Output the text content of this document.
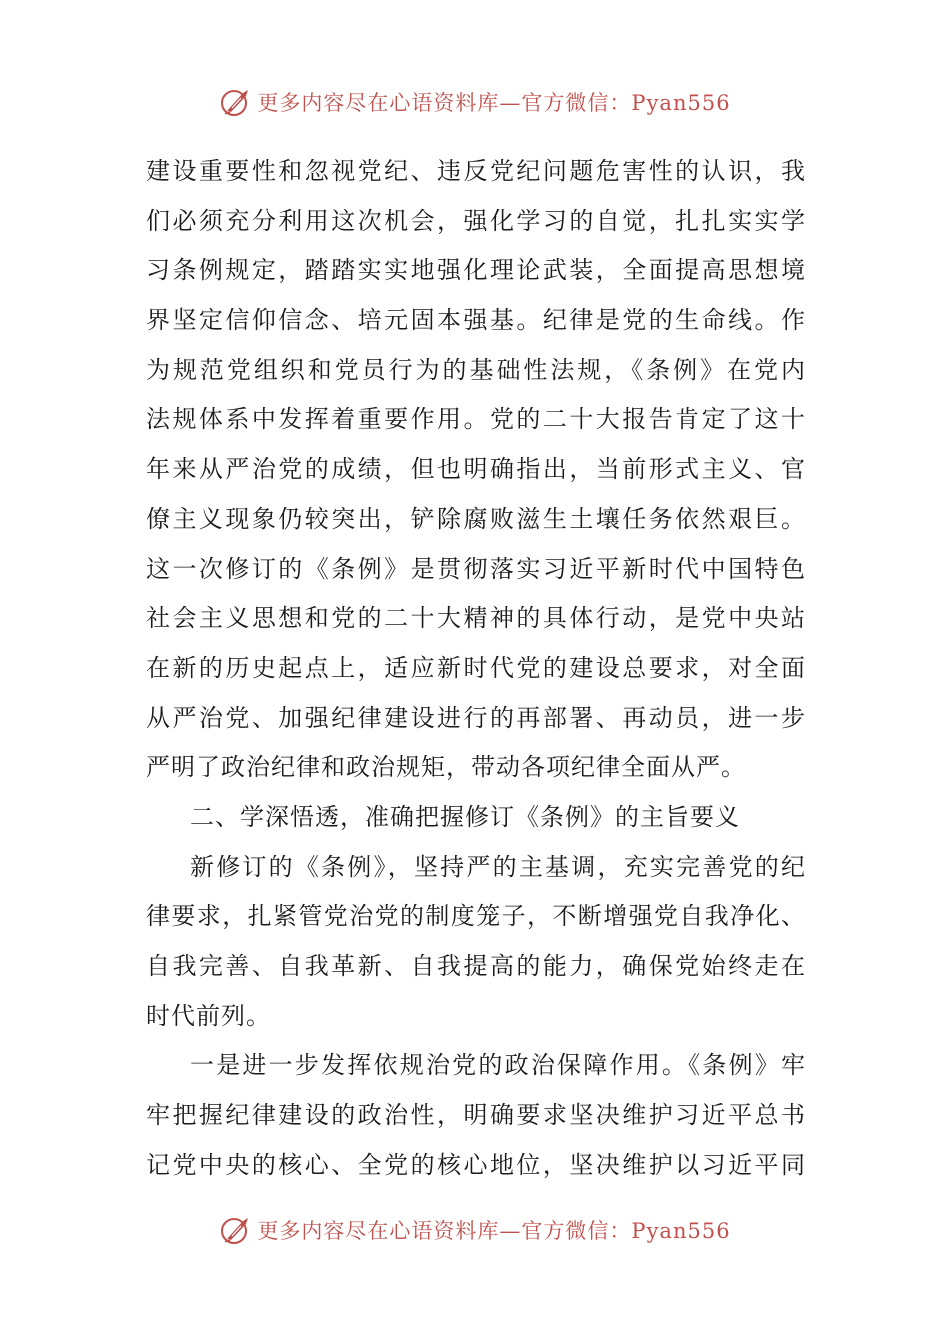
更多内容尽在心语资料库—官方微信：Pyan556
建设重要性和忽视党纪、违反党纪问题危害性的认识，我
们必须充分利用这次机会，强化学习的自觉，扎扎实实学
习条例规定，踏踏实实地强化理论武装，全面提高思想境
界坚定信仰信念、培元固本强基。纪律是党的生命线。作
为规范党组织和党员行为的基础性法规，《条例》在党内
法规体系中发挥着重要作用。党的二十大报告肯定了这十
年来从严治党的成绩，但也明确指出，当前形式主义、官
僚主义现象仍较突出，铲除腐败滋生土壤任务依然艰巨。
这一次修订的《条例》是贯彻落实习近平新时代中国特色
社会主义思想和党的二十大精神的具体行动，是党中央站
在新的历史起点上，适应新时代党的建设总要求，对全面
从严治党、加强纪律建设进行的再部署、再动员，进一步
严明了政治纪律和政治规矩，带动各项纪律全面从严。
二、学深悟透，准确把握修订《条例》的主旨要义
新修订的《条例》，坚持严的主基调，充实完善党的纪
律要求，扎紧管党治党的制度笼子，不断增强党自我净化、
自我完善、自我革新、自我提高的能力，确保党始终走在
时代前列。
一是进一步发挥依规治党的政治保障作用。《条例》牢
牢把握纪律建设的政治性，明确要求坚决维护习近平总书
记党中央的核心、全党的核心地位，坚决维护以习近平同
更多内容尽在心语资料库—官方微信：Pyan556
